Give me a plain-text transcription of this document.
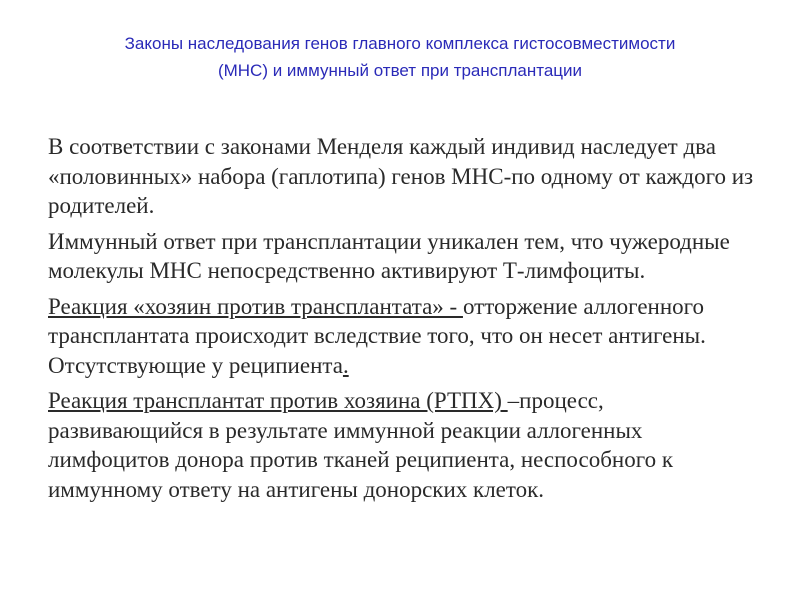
Законы наследования генов главного комплекса гистосовместимости
(МНС) и иммунный ответ при трансплантации

В соответствии с законами Менделя каждый индивид наследует два «половинных» набора (гаплотипа) генов МНС-по одному от каждого из родителей.

Иммунный ответ при трансплантации уникален тем, что чужеродные молекулы МНС непосредственно активируют Т-лимфоциты.

Реакция «хозяин против трансплантата» - отторжение аллогенного трансплантата происходит вследствие того, что он несет антигены. Отсутствующие у реципиента.

Реакция трансплантат против хозяина (РТПХ) –процесс, развивающийся в результате иммунной реакции аллогенных лимфоцитов донора против тканей реципиента, неспособного к иммунному ответу на антигены донорских клеток.
